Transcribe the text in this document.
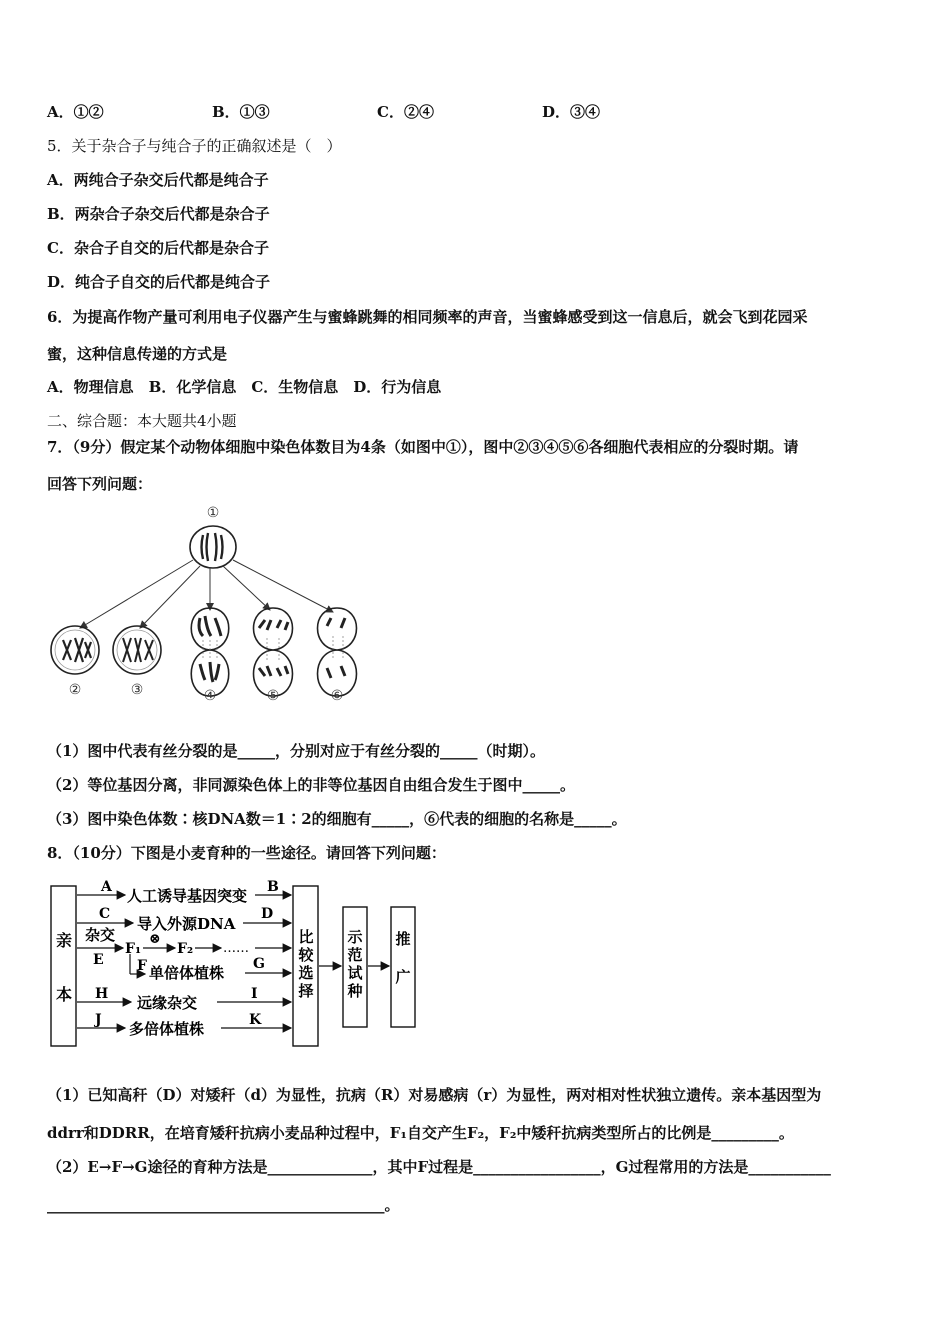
A．①②	B．①③	C．②④	D．③④
5．关于杂合子与纯合子的正确叙述是（　）
A．两纯合子杂交后代都是纯合子
B．两杂合子杂交后代都是杂合子
C．杂合子自交的后代都是杂合子
D．纯合子自交的后代都是纯合子
6．为提高作物产量可利用电子仪器产生与蜜蜂跳舞的相同频率的声音，当蜜蜂感受到这一信息后，就会飞到花园采
蜜，这种信息传递的方式是
A．物理信息　B．化学信息　C．生物信息　D．行为信息
二、综合题：本大题共4小题
7．（9分）假定某个动物体细胞中染色体数目为4条（如图中①），图中②③④⑤⑥各细胞代表相应的分裂时期。请
回答下列问题：
①
②	③	④	⑤	⑥
（1）图中代表有丝分裂的是_____，分别对应于有丝分裂的_____（时期）。
（2）等位基因分离，非同源染色体上的非等位基因自由组合发生于图中_____。
（3）图中染色体数∶核DNA数＝1∶2的细胞有_____，⑥代表的细胞的名称是_____。
8．（10分）下图是小麦育种的一些途径。请回答下列问题：
亲
本
比
较
选
择
示
范
试
种
推
广
A 人工诱导基因突变 B
C
导入外源DNA
D
杂交
E
F₁
⊗
F₂ ……
F 单倍体植株 G
H 远缘杂交	I
J 多倍体植株	K
（1）已知高秆（D）对矮秆（d）为显性，抗病（R）对易感病（r）为显性，两对相对性状独立遗传。亲本基因型为
ddrr和DDRR，在培育矮秆抗病小麦品种过程中，F₁自交产生F₂，F₂中矮秆抗病类型所占的比例是_________。
（2）E→F→G途径的育种方法是______________，其中F过程是_________________，G过程常用的方法是___________
_____________________________________________。
